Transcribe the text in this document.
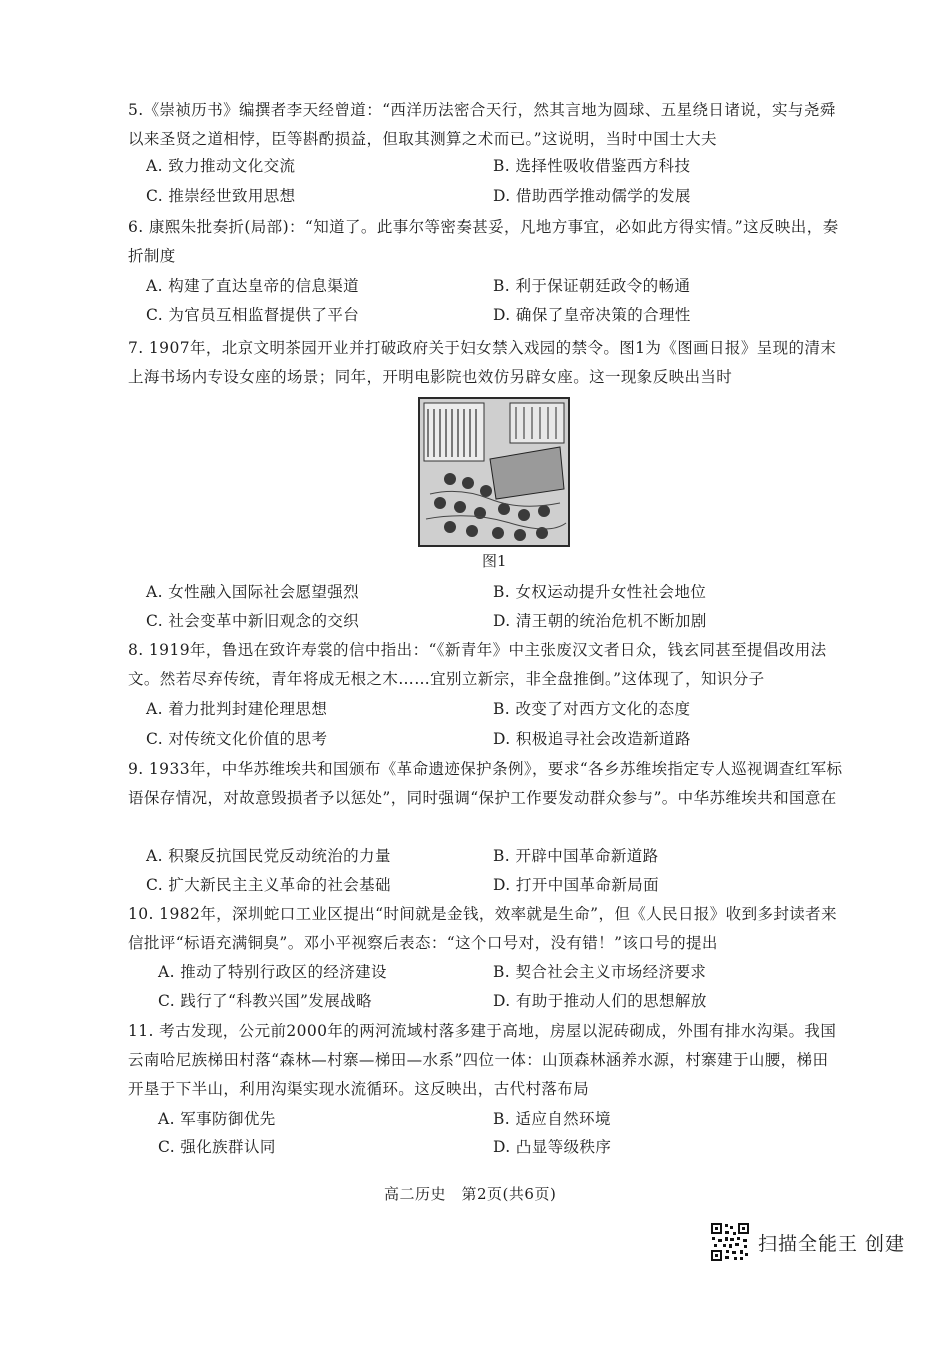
5.《崇祯历书》编撰者李天经曾道：“西洋历法密合天行，然其言地为圆球、五星绕日诸说，实与尧舜以来圣贤之道相悖，臣等斟酌损益，但取其测算之术而已。”这说明，当时中国士大夫

A. 致力推动文化交流	B. 选择性吸收借鉴西方科技
C. 推崇经世致用思想	D. 借助西学推动儒学的发展

6. 康熙朱批奏折(局部)：“知道了。此事尔等密奏甚妥，凡地方事宜，必如此方得实情。”这反映出，奏折制度

A. 构建了直达皇帝的信息渠道	B. 利于保证朝廷政令的畅通
C. 为官员互相监督提供了平台	D. 确保了皇帝决策的合理性

7. 1907年，北京文明茶园开业并打破政府关于妇女禁入戏园的禁令。图1为《图画日报》呈现的清末上海书场内专设女座的场景；同年，开明电影院也效仿另辟女座。这一现象反映出当时

图1
A. 女性融入国际社会愿望强烈	B. 女权运动提升女性社会地位
C. 社会变革中新旧观念的交织	D. 清王朝的统治危机不断加剧

8. 1919年，鲁迅在致许寿裳的信中指出：“《新青年》中主张废汉文者日众，钱玄同甚至提倡改用法文。然若尽弃传统，青年将成无根之木……宜别立新宗，非全盘推倒。”这体现了，知识分子

A. 着力批判封建伦理思想	B. 改变了对西方文化的态度
C. 对传统文化价值的思考	D. 积极追寻社会改造新道路

9. 1933年，中华苏维埃共和国颁布《革命遗迹保护条例》，要求“各乡苏维埃指定专人巡视调查红军标语保存情况，对故意毁损者予以惩处”，同时强调“保护工作要发动群众参与”。中华苏维埃共和国意在

A. 积聚反抗国民党反动统治的力量	B. 开辟中国革命新道路
C. 扩大新民主主义革命的社会基础	D. 打开中国革命新局面

10. 1982年，深圳蛇口工业区提出“时间就是金钱，效率就是生命”，但《人民日报》收到多封读者来信批评“标语充满铜臭”。邓小平视察后表态：“这个口号对，没有错！”该口号的提出

A. 推动了特别行政区的经济建设	B. 契合社会主义市场经济要求
C. 践行了“科教兴国”发展战略	D. 有助于推动人们的思想解放

11. 考古发现，公元前2000年的两河流域村落多建于高地，房屋以泥砖砌成，外围有排水沟渠。我国云南哈尼族梯田村落“森林—村寨—梯田—水系”四位一体：山顶森林涵养水源，村寨建于山腰，梯田开垦于下半山，利用沟渠实现水流循环。这反映出，古代村落布局

A. 军事防御优先	B. 适应自然环境
C. 强化族群认同	D. 凸显等级秩序
高二历史　第2页(共6页)
扫描全能王 创建
